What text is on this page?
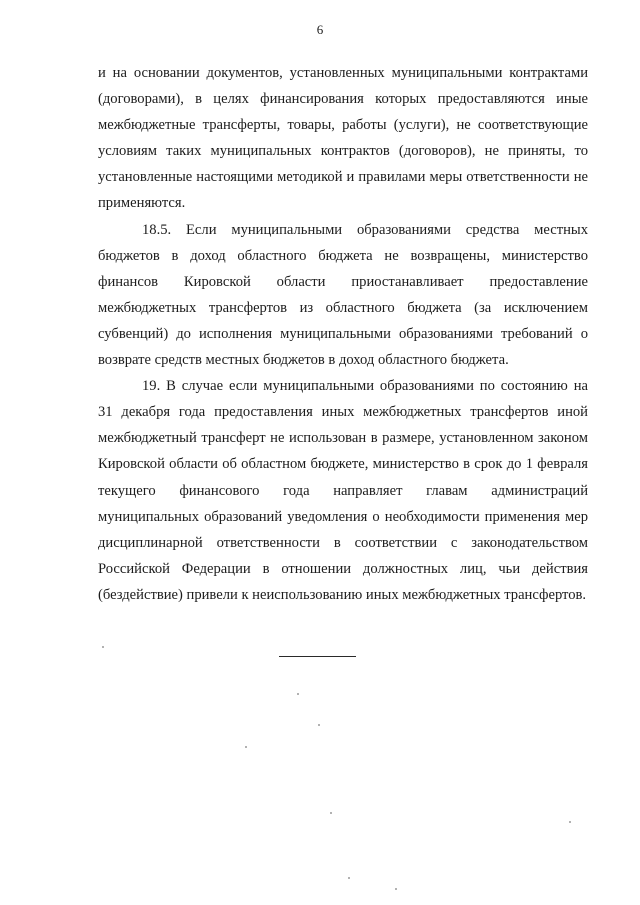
6

и на основании документов, установленных муниципальными контрактами (договорами), в целях финансирования которых предоставляются иные межбюджетные трансферты, товары, работы (услуги), не соответствующие условиям таких муниципальных контрактов (договоров), не приняты, то установленные настоящими методикой и правилами меры ответственности не применяются.

18.5. Если муниципальными образованиями средства местных бюджетов в доход областного бюджета не возвращены, министерство финансов Кировской области приостанавливает предоставление межбюджетных трансфертов из областного бюджета (за исключением субвенций) до исполнения муниципальными образованиями требований о возврате средств местных бюджетов в доход областного бюджета.

19. В случае если муниципальными образованиями по состоянию на 31 декабря года предоставления иных межбюджетных трансфертов иной межбюджетный трансферт не использован в размере, установленном законом Кировской области об областном бюджете, министерство в срок до 1 февраля текущего финансового года направляет главам администраций муниципальных образований уведомления о необходимости применения мер дисциплинарной ответственности в соответствии с законодательством Российской Федерации в отношении должностных лиц, чьи действия (бездействие) привели к неиспользованию иных межбюджетных трансфертов.
